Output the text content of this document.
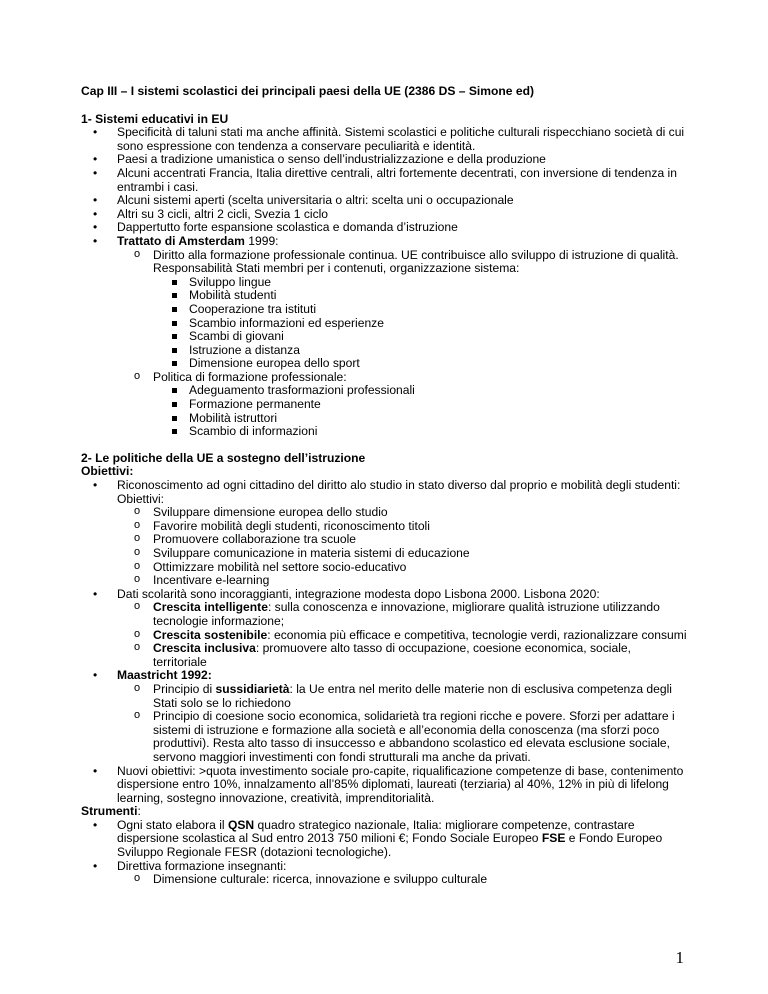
Cap III – I sistemi scolastici dei principali paesi della UE (2386 DS – Simone ed)

1- Sistemi educativi in EU

• Specificità di taluni stati ma anche affinità. Sistemi scolastici e politiche culturali rispecchiano società di cui sono espressione con tendenza a conservare peculiarità e identità.
• Paesi a tradizione umanistica o senso dell’industrializzazione e della produzione
• Alcuni accentrati Francia, Italia direttive centrali, altri fortemente decentrati, con inversione di tendenza in entrambi i casi.
• Alcuni sistemi aperti (scelta universitaria o altri: scelta uni o occupazionale
• Altri su 3 cicli, altri 2 cicli, Svezia 1 ciclo
• Dappertutto forte espansione scolastica e domanda d’istruzione
• Trattato di Amsterdam 1999:
o Diritto alla formazione professionale continua. UE contribuisce allo sviluppo di istruzione di qualità. Responsabilità Stati membri per i contenuti, organizzazione sistema:
Sviluppo lingue
Mobilità studenti
Cooperazione tra istituti
Scambio informazioni ed esperienze
Scambi di giovani
Istruzione a distanza
Dimensione europea dello sport
o Politica di formazione professionale:
Adeguamento trasformazioni professionali
Formazione permanente
Mobilità istruttori
Scambio di informazioni

2- Le politiche della UE a sostegno dell’istruzione

Obiettivi:

• Riconoscimento ad ogni cittadino del diritto alo studio in stato diverso dal proprio e mobilità degli studenti: Obiettivi:
o Sviluppare dimensione europea dello studio
o Favorire mobilità degli studenti, riconoscimento titoli
o Promuovere collaborazione tra scuole
o Sviluppare comunicazione in materia sistemi di educazione
o Ottimizzare mobilità nel settore socio-educativo
o Incentivare e-learning
• Dati scolarità sono incoraggianti, integrazione modesta dopo Lisbona 2000. Lisbona 2020:
o Crescita intelligente: sulla conoscenza e innovazione, migliorare qualità istruzione utilizzando tecnologie informazione;
o Crescita sostenibile: economia più efficace e competitiva, tecnologie verdi, razionalizzare consumi
o Crescita inclusiva: promuovere alto tasso di occupazione, coesione economica, sociale, territoriale
• Maastricht 1992:
o Principio di sussidiarietà: la Ue entra nel merito delle materie non di esclusiva competenza degli Stati solo se lo richiedono
o Principio di coesione socio economica, solidarietà tra regioni ricche e povere. Sforzi per adattare i sistemi di istruzione e formazione alla società e all’economia della conoscenza (ma sforzi poco produttivi). Resta alto tasso di insuccesso e abbandono scolastico ed elevata esclusione sociale, servono maggiori investimenti con fondi strutturali ma anche da privati.
• Nuovi obiettivi: >quota investimento sociale pro-capite, riqualificazione competenze di base, contenimento dispersione entro 10%, innalzamento all’85% diplomati, laureati (terziaria) al 40%, 12% in più di lifelong learning, sostegno innovazione, creatività, imprenditorialità.

Strumenti:

• Ogni stato elabora il QSN quadro strategico nazionale, Italia: migliorare competenze, contrastare dispersione scolastica al Sud entro 2013 750 milioni €; Fondo Sociale Europeo FSE e Fondo Europeo Sviluppo Regionale FESR (dotazioni tecnologiche).
• Direttiva formazione insegnanti:
o Dimensione culturale: ricerca, innovazione e sviluppo culturale
1
